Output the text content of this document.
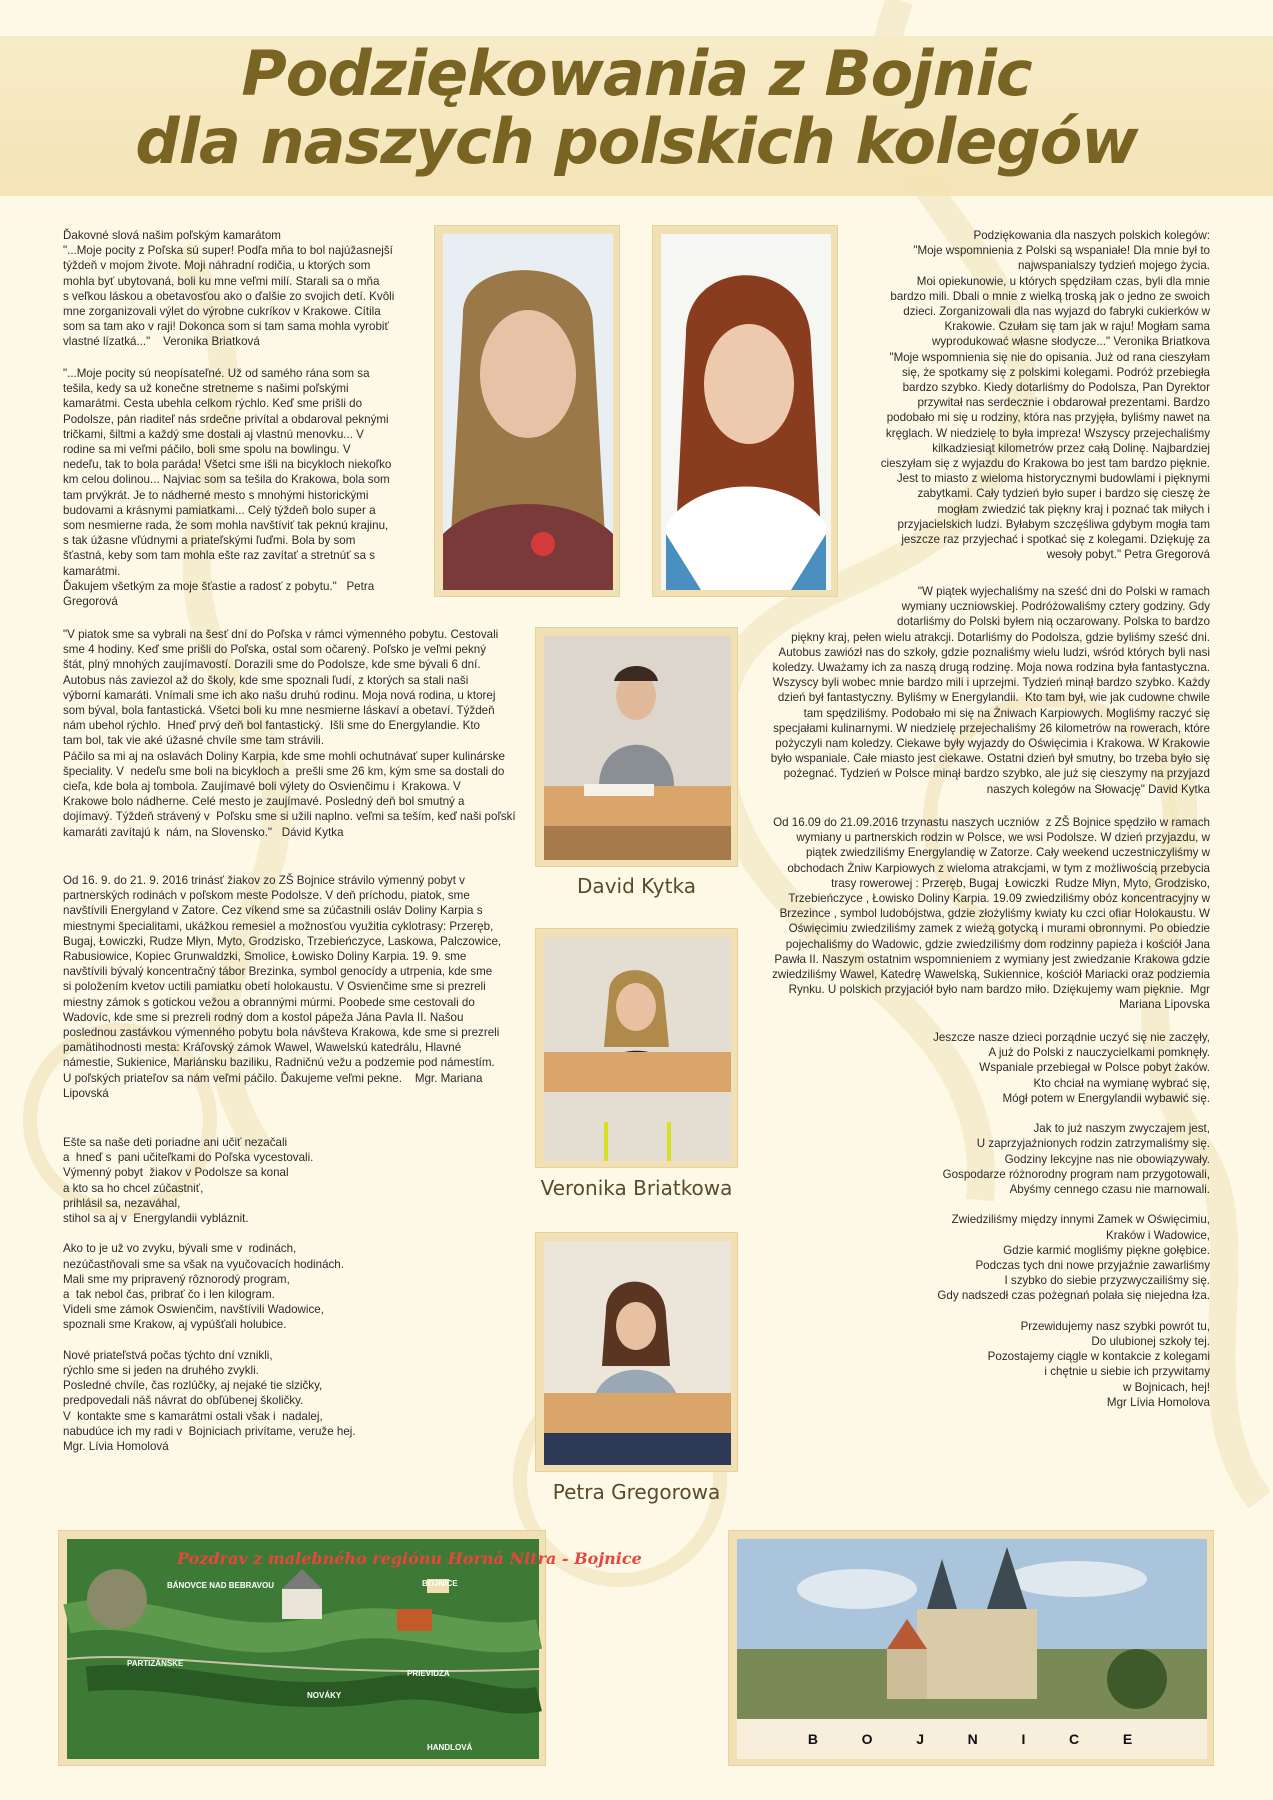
Podziękowania z Bojnic
dla naszych polskich kolegów

Ďakovné slová našim poľským kamarátom
"...Moje pocity z Poľska sú super! Podľa mňa to bol najúžasnejší
týždeň v mojom živote. Moji náhradní rodičia, u ktorých som
mohla byť ubytovaná, boli ku mne veľmi milí. Starali sa o mňa
s veľkou láskou a obetavosťou ako o ďalšie zo svojich detí. Kvôli
mne zorganizovali výlet do výrobne cukríkov v Krakowe. Cítila
som sa tam ako v raji! Dokonca som si tam sama mohla vyrobiť
vlastné lízatká..."    Veronika Briatková

"...Moje pocity sú neopísateľné. Už od samého rána som sa
tešila, kedy sa už konečne stretneme s našimi poľskými
kamarátmi. Cesta ubehla celkom rýchlo. Keď sme prišli do
Podolsze, pán riaditeľ nás srdečne privítal a obdaroval peknými
tričkami, šiltmi a každý sme dostali aj vlastnú menovku... V
rodine sa mi veľmi páčilo, boli sme spolu na bowlingu. V
nedeľu, tak to bola paráda! Všetci sme išli na bicykloch niekoľko
km celou dolinou... Najviac som sa tešila do Krakowa, bola som
tam prvýkrát. Je to nádherné mesto s mnohými historickými
budovami a krásnymi pamiatkami... Celý týždeň bolo super a
som nesmierne rada, že som mohla navštíviť tak peknú krajinu,
s tak úžasne vľúdnymi a priateľskými ľuďmi. Bola by som
šťastná, keby som tam mohla ešte raz zavítať a stretnúť sa s
kamarátmi.
Ďakujem všetkým za moje šťastie a radosť z pobytu."   Petra
Gregorová

"V piatok sme sa vybrali na šesť dní do Poľska v rámci výmenného pobytu. Cestovali
sme 4 hodiny. Keď sme prišli do Poľska, ostal som očarený. Poľsko je veľmi pekný
štát, plný mnohých zaujímavostí. Dorazili sme do Podolsze, kde sme bývali 6 dní.
Autobus nás zaviezol až do školy, kde sme spoznali ľudí, z ktorých sa stali naši
výborní kamaráti. Vnímali sme ich ako našu druhú rodinu. Moja nová rodina, u ktorej
som býval, bola fantastická. Všetci boli ku mne nesmierne láskaví a obetaví. Týždeň
nám ubehol rýchlo.  Hneď prvý deň bol fantastický.  Išli sme do Energylandie. Kto
tam bol, tak vie aké úžasné chvíle sme tam strávili.
Páčilo sa mi aj na oslavách Doliny Karpia, kde sme mohli ochutnávať super kulinárske
špeciality. V  nedeľu sme boli na bicykloch a  prešli sme 26 km, kým sme sa dostali do
cieľa, kde bola aj tombola. Zaujímavé boli výlety do Osvienčimu i  Krakowa. V
Krakowe bolo nádherne. Celé mesto je zaujímavé. Posledný deň bol smutný a
dojímavý. Týždeň strávený v  Poľsku sme si užili naplno. veľmi sa teším, keď naši poľskí
kamaráti zavítajú k  nám, na Slovensko."   Dávid Kytka

Od 16. 9. do 21. 9. 2016 trinásť žiakov zo ZŠ Bojnice strávilo výmenný pobyt v
partnerských rodinách v poľskom meste Podolsze. V deň príchodu, piatok, sme
navštívili Energyland v Zatore. Cez víkend sme sa zúčastnili osláv Doliny Karpia s
miestnymi špecialitami, ukážkou remesiel a možnosťou využitia cyklotrasy: Przeręb,
Bugaj, Łowiczki, Rudze Młyn, Myto, Grodzisko, Trzebieńczyce, Laskowa, Palczowice,
Rabusiowice, Kopiec Grunwaldzki, Smolice, Łowisko Doliny Karpia. 19. 9. sme
navštívili bývalý koncentračný tábor Brezinka, symbol genocídy a utrpenia, kde sme
si položením kvetov uctili pamiatku obetí holokaustu. V Osvienčime sme si prezreli
miestny zámok s gotickou vežou a obrannými múrmi. Poobede sme cestovali do
Wadovíc, kde sme si prezreli rodný dom a kostol pápeža Jána Pavla II. Našou
poslednou zastávkou výmenného pobytu bola návšteva Krakowa, kde sme si prezreli
pamätihodnosti mesta: Kráľovský zámok Wawel, Wawelskú katedrálu, Hlavné
námestie, Sukienice, Mariánsku baziliku, Radničnú vežu a podzemie pod námestím.
U poľských priateľov sa nám veľmi páčilo. Ďakujeme veľmi pekne.    Mgr. Mariana
Lipovská

Ešte sa naše deti poriadne ani učiť nezačali
a  hneď s  pani učiteľkami do Poľska vycestovali.
Výmenný pobyt  žiakov v Podolsze sa konal
a kto sa ho chcel zúčastniť,
prihlásil sa, nezaváhal,
stihol sa aj v  Energylandii vybláznit.

Ako to je už vo zvyku, bývali sme v  rodinách,
nezúčastňovali sme sa však na vyučovacích hodinách.
Mali sme my pripravený rôznorodý program,
a  tak nebol čas, pribrať čo i len kilogram.
Videli sme zámok Oswienčim, navštívili Wadowice,
spoznali sme Krakow, aj vypúšťali holubice.

Nové priateľstvá počas týchto dní vznikli,
rýchlo sme si jeden na druhého zvykli.
Posledné chvíle, čas rozlúčky, aj nejaké tie slzičky,
predpovedali náš návrat do obľúbenej školičky.
V  kontakte sme s kamarátmi ostali však i  nadalej,
nabudúce ich my radi v  Bojniciach privítame, veruže hej.
Mgr. Lívia Homolová

Podziękowania dla naszych polskich kolegów:
"Moje wspomnienia z Polski są wspaniałe! Dla mnie był to
najwspanialszy tydzień mojego życia.
Moi opiekunowie, u których spędziłam czas, byli dla mnie
bardzo mili. Dbali o mnie z wielką troską jak o jedno ze swoich
dzieci. Zorganizowali dla nas wyjazd do fabryki cukierków w
Krakowie. Czułam się tam jak w raju! Mogłam sama
wyprodukować własne słodycze..." Veronika Briatkova
"Moje wspomnienia się nie do opisania. Już od rana cieszyłam
się, że spotkamy się z polskimi kolegami. Podróż przebiegła
bardzo szybko. Kiedy dotarliśmy do Podolsza, Pan Dyrektor
przywitał nas serdecznie i obdarował prezentami. Bardzo
podobało mi się u rodziny, która nas przyjęła, byliśmy nawet na
kręglach. W niedzielę to była impreza! Wszyscy przejechaliśmy
kilkadziesiąt kilometrów przez całą Dolinę. Najbardziej
cieszyłam się z wyjazdu do Krakowa bo jest tam bardzo pięknie.
Jest to miasto z wieloma historycznymi budowlami i pięknymi
zabytkami. Cały tydzień było super i bardzo się cieszę że
mogłam zwiedzić tak piękny kraj i poznać tak miłych i
przyjacielskich ludzi. Byłabym szczęśliwa gdybym mogła tam
jeszcze raz przyjechać i spotkać się z kolegami. Dziękuję za
wesoły pobyt." Petra Gregorová

"W piątek wyjechaliśmy na sześć dni do Polski w ramach
wymiany uczniowskiej. Podróżowaliśmy cztery godziny. Gdy
dotarliśmy do Polski byłem nią oczarowany. Polska to bardzo
piękny kraj, pełen wielu atrakcji. Dotarliśmy do Podolsza, gdzie byliśmy sześć dni.
Autobus zawiózł nas do szkoły, gdzie poznaliśmy wielu ludzi, wśród których byli nasi
koledzy. Uważamy ich za naszą drugą rodzinę. Moja nowa rodzina była fantastyczna.
Wszyscy byli wobec mnie bardzo mili i uprzejmi. Tydzień minął bardzo szybko. Każdy
dzień był fantastyczny. Byliśmy w Energylandii.  Kto tam był, wie jak cudowne chwile
tam spędziliśmy. Podobało mi się na Żniwach Karpiowych. Mogliśmy raczyć się
specjałami kulinarnymi. W niedzielę przejechaliśmy 26 kilometrów na rowerach, które
pożyczyli nam koledzy. Ciekawe były wyjazdy do Oświęcimia i Krakowa. W Krakowie
było wspaniale. Całe miasto jest ciekawe. Ostatni dzień był smutny, bo trzeba było się
pożegnać. Tydzień w Polsce minął bardzo szybko, ale już się cieszymy na przyjazd
naszych kolegów na Słowację" David Kytka

Od 16.09 do 21.09.2016 trzynastu naszych uczniów  z ZŠ Bojnice spędziło w ramach
wymiany u partnerskich rodzin w Polsce, we wsi Podolsze. W dzień przyjazdu, w
piątek zwiedziliśmy Energylandię w Zatorze. Cały weekend uczestniczyliśmy w
obchodach Żniw Karpiowych z wieloma atrakcjami, w tym z możliwością przebycia
trasy rowerowej : Przeręb, Bugaj  Łowiczki  Rudze Młyn, Myto, Grodzisko,
Trzebieńczyce , Łowisko Doliny Karpia. 19.09 zwiedziliśmy obóz koncentracyjny w
Brzezince , symbol ludobójstwa, gdzie złożyliśmy kwiaty ku czci ofiar Holokaustu. W
Oświęcimiu zwiedziliśmy zamek z wieżą gotycką i murami obronnymi. Po obiedzie
pojechaliśmy do Wadowic, gdzie zwiedziliśmy dom rodzinny papieża i kościół Jana
Pawła II. Naszym ostatnim wspomnieniem z wymiany jest zwiedzanie Krakowa gdzie
zwiedziliśmy Wawel, Katedrę Wawelską, Sukiennice, kościół Mariacki oraz podziemia
Rynku. U polskich przyjaciół było nam bardzo miło. Dziękujemy wam pięknie.  Mgr
Mariana Lipovska

Jeszcze nasze dzieci porządnie uczyć się nie zaczęły,
A już do Polski z nauczycielkami pomknęły.
Wspaniale przebiegał w Polsce pobyt żaków.
Kto chciał na wymianę wybrać się,
Mógł potem w Energylandii wybawić się.

Jak to już naszym zwyczajem jest,
U zaprzyjaźnionych rodzin zatrzymaliśmy się.
Godziny lekcyjne nas nie obowiązywały.
Gospodarze różnorodny program nam przygotowali,
Abyśmy cennego czasu nie marnowali.

Zwiedziliśmy między innymi Zamek w Oświęcimiu,
Kraków i Wadowice,
Gdzie karmić mogliśmy piękne gołębice.
Podczas tych dni nowe przyjaźnie zawarliśmy
I szybko do siebie przyzwyczailiśmy się.
Gdy nadszedł czas pożegnań polała się niejedna łza.

Przewidujemy nasz szybki powrót tu,
Do ulubionej szkoły tej.
Pozostajemy ciągle w kontakcie z kolegami
i chętnie u siebie ich przywitamy
w Bojnicach, hej!
Mgr Lívia Homolova

David Kytka
Veronika Briatkowa
Petra Gregorowa
Pozdrav z malebného regiónu Horná Nitra - Bojnice
BÁNOVCE NAD BEBRAVOU	BOJNICE
PARTIZÁNSKE
NOVÁKY
PRIEVIDZA
HANDLOVÁ
B	O	J	N	I	C	E
